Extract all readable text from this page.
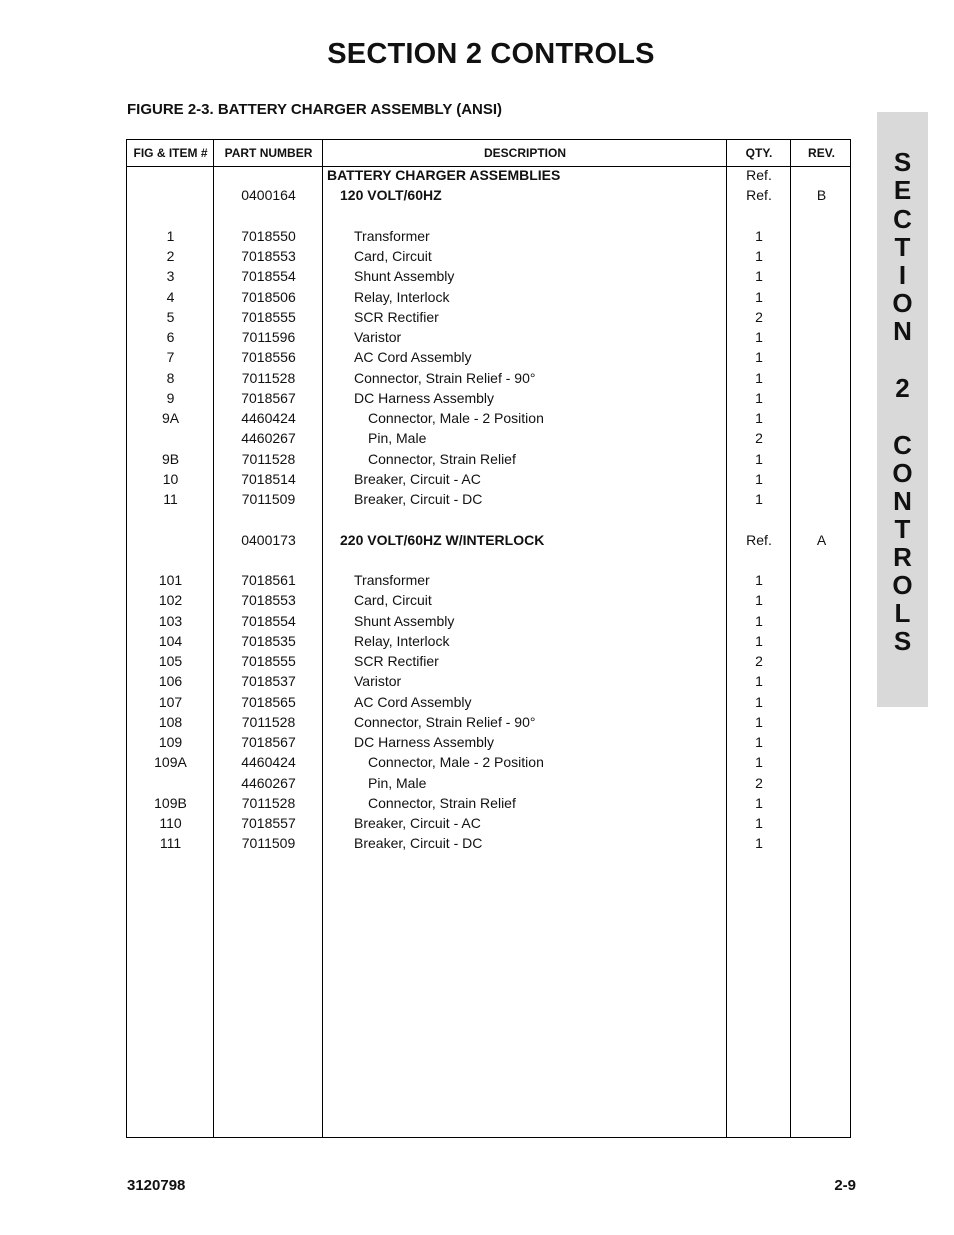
SECTION 2 CONTROLS
FIGURE 2-3. BATTERY CHARGER ASSEMBLY (ANSI)
S
E
C
T
I
O
N
2
C
O
N
T
R
O
L
S
FIG & ITEM #	PART NUMBER	DESCRIPTION	QTY.	REV.
BATTERY CHARGER ASSEMBLIES	Ref.
0400164	120 VOLT/60HZ	Ref.	B
1	7018550	Transformer	1
2	7018553	Card, Circuit	1
3	7018554	Shunt Assembly	1
4	7018506	Relay, Interlock	1
5	7018555	SCR Rectifier	2
6	7011596	Varistor	1
7	7018556	AC Cord Assembly	1
8	7011528	Connector, Strain Relief - 90°	1
9	7018567	DC Harness Assembly	1
9A	4460424	Connector, Male - 2 Position	1
4460267	Pin, Male	2
9B	7011528	Connector, Strain Relief	1
10	7018514	Breaker, Circuit - AC	1
11	7011509	Breaker, Circuit - DC	1
0400173	220 VOLT/60HZ W/INTERLOCK	Ref.	A
101	7018561	Transformer	1
102	7018553	Card, Circuit	1
103	7018554	Shunt Assembly	1
104	7018535	Relay, Interlock	1
105	7018555	SCR Rectifier	2
106	7018537	Varistor	1
107	7018565	AC Cord Assembly	1
108	7011528	Connector, Strain Relief - 90°	1
109	7018567	DC Harness Assembly	1
109A	4460424	Connector, Male - 2 Position	1
4460267	Pin, Male	2
109B	7011528	Connector, Strain Relief	1
110	7018557	Breaker, Circuit - AC	1
111	7011509	Breaker, Circuit - DC	1
3120798	2-9
